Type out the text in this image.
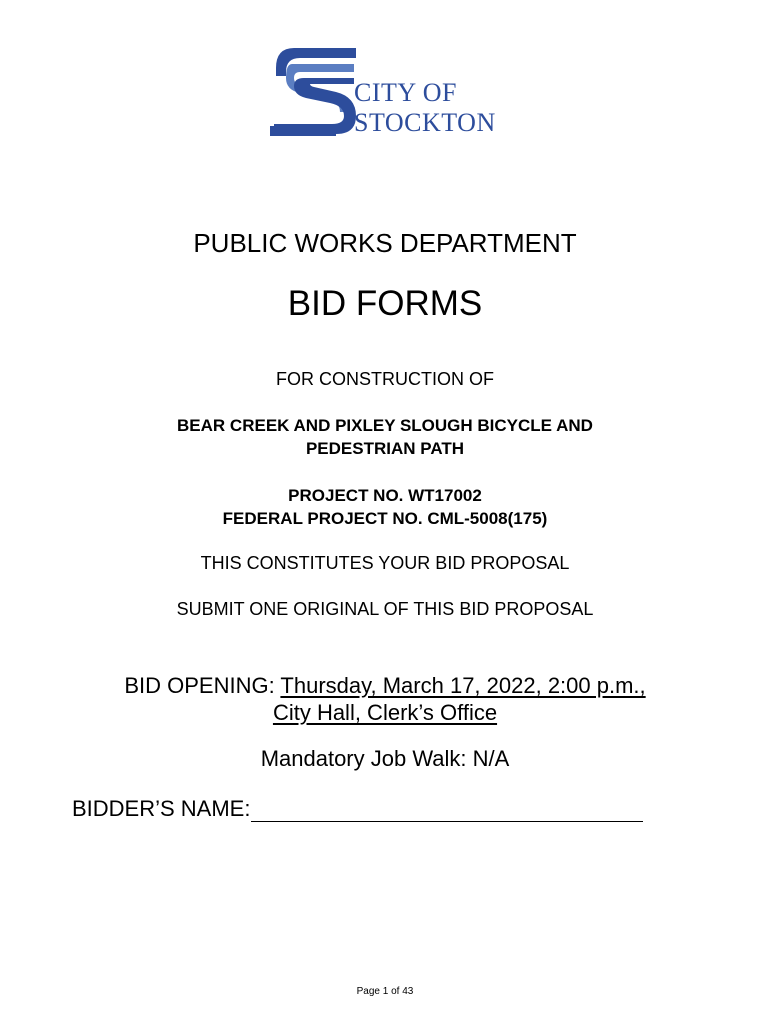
CITY OF
STOCKTON
PUBLIC WORKS DEPARTMENT
BID FORMS
FOR CONSTRUCTION OF
BEAR CREEK AND PIXLEY SLOUGH BICYCLE AND
PEDESTRIAN PATH
PROJECT NO. WT17002
FEDERAL PROJECT NO. CML-5008(175)
THIS CONSTITUTES YOUR BID PROPOSAL
SUBMIT ONE ORIGINAL OF THIS BID PROPOSAL
BID OPENING: Thursday, March 17, 2022, 2:00 p.m.,
City Hall, Clerk’s Office
Mandatory Job Walk: N/A
BIDDER’S NAME:
Page 1 of 43
